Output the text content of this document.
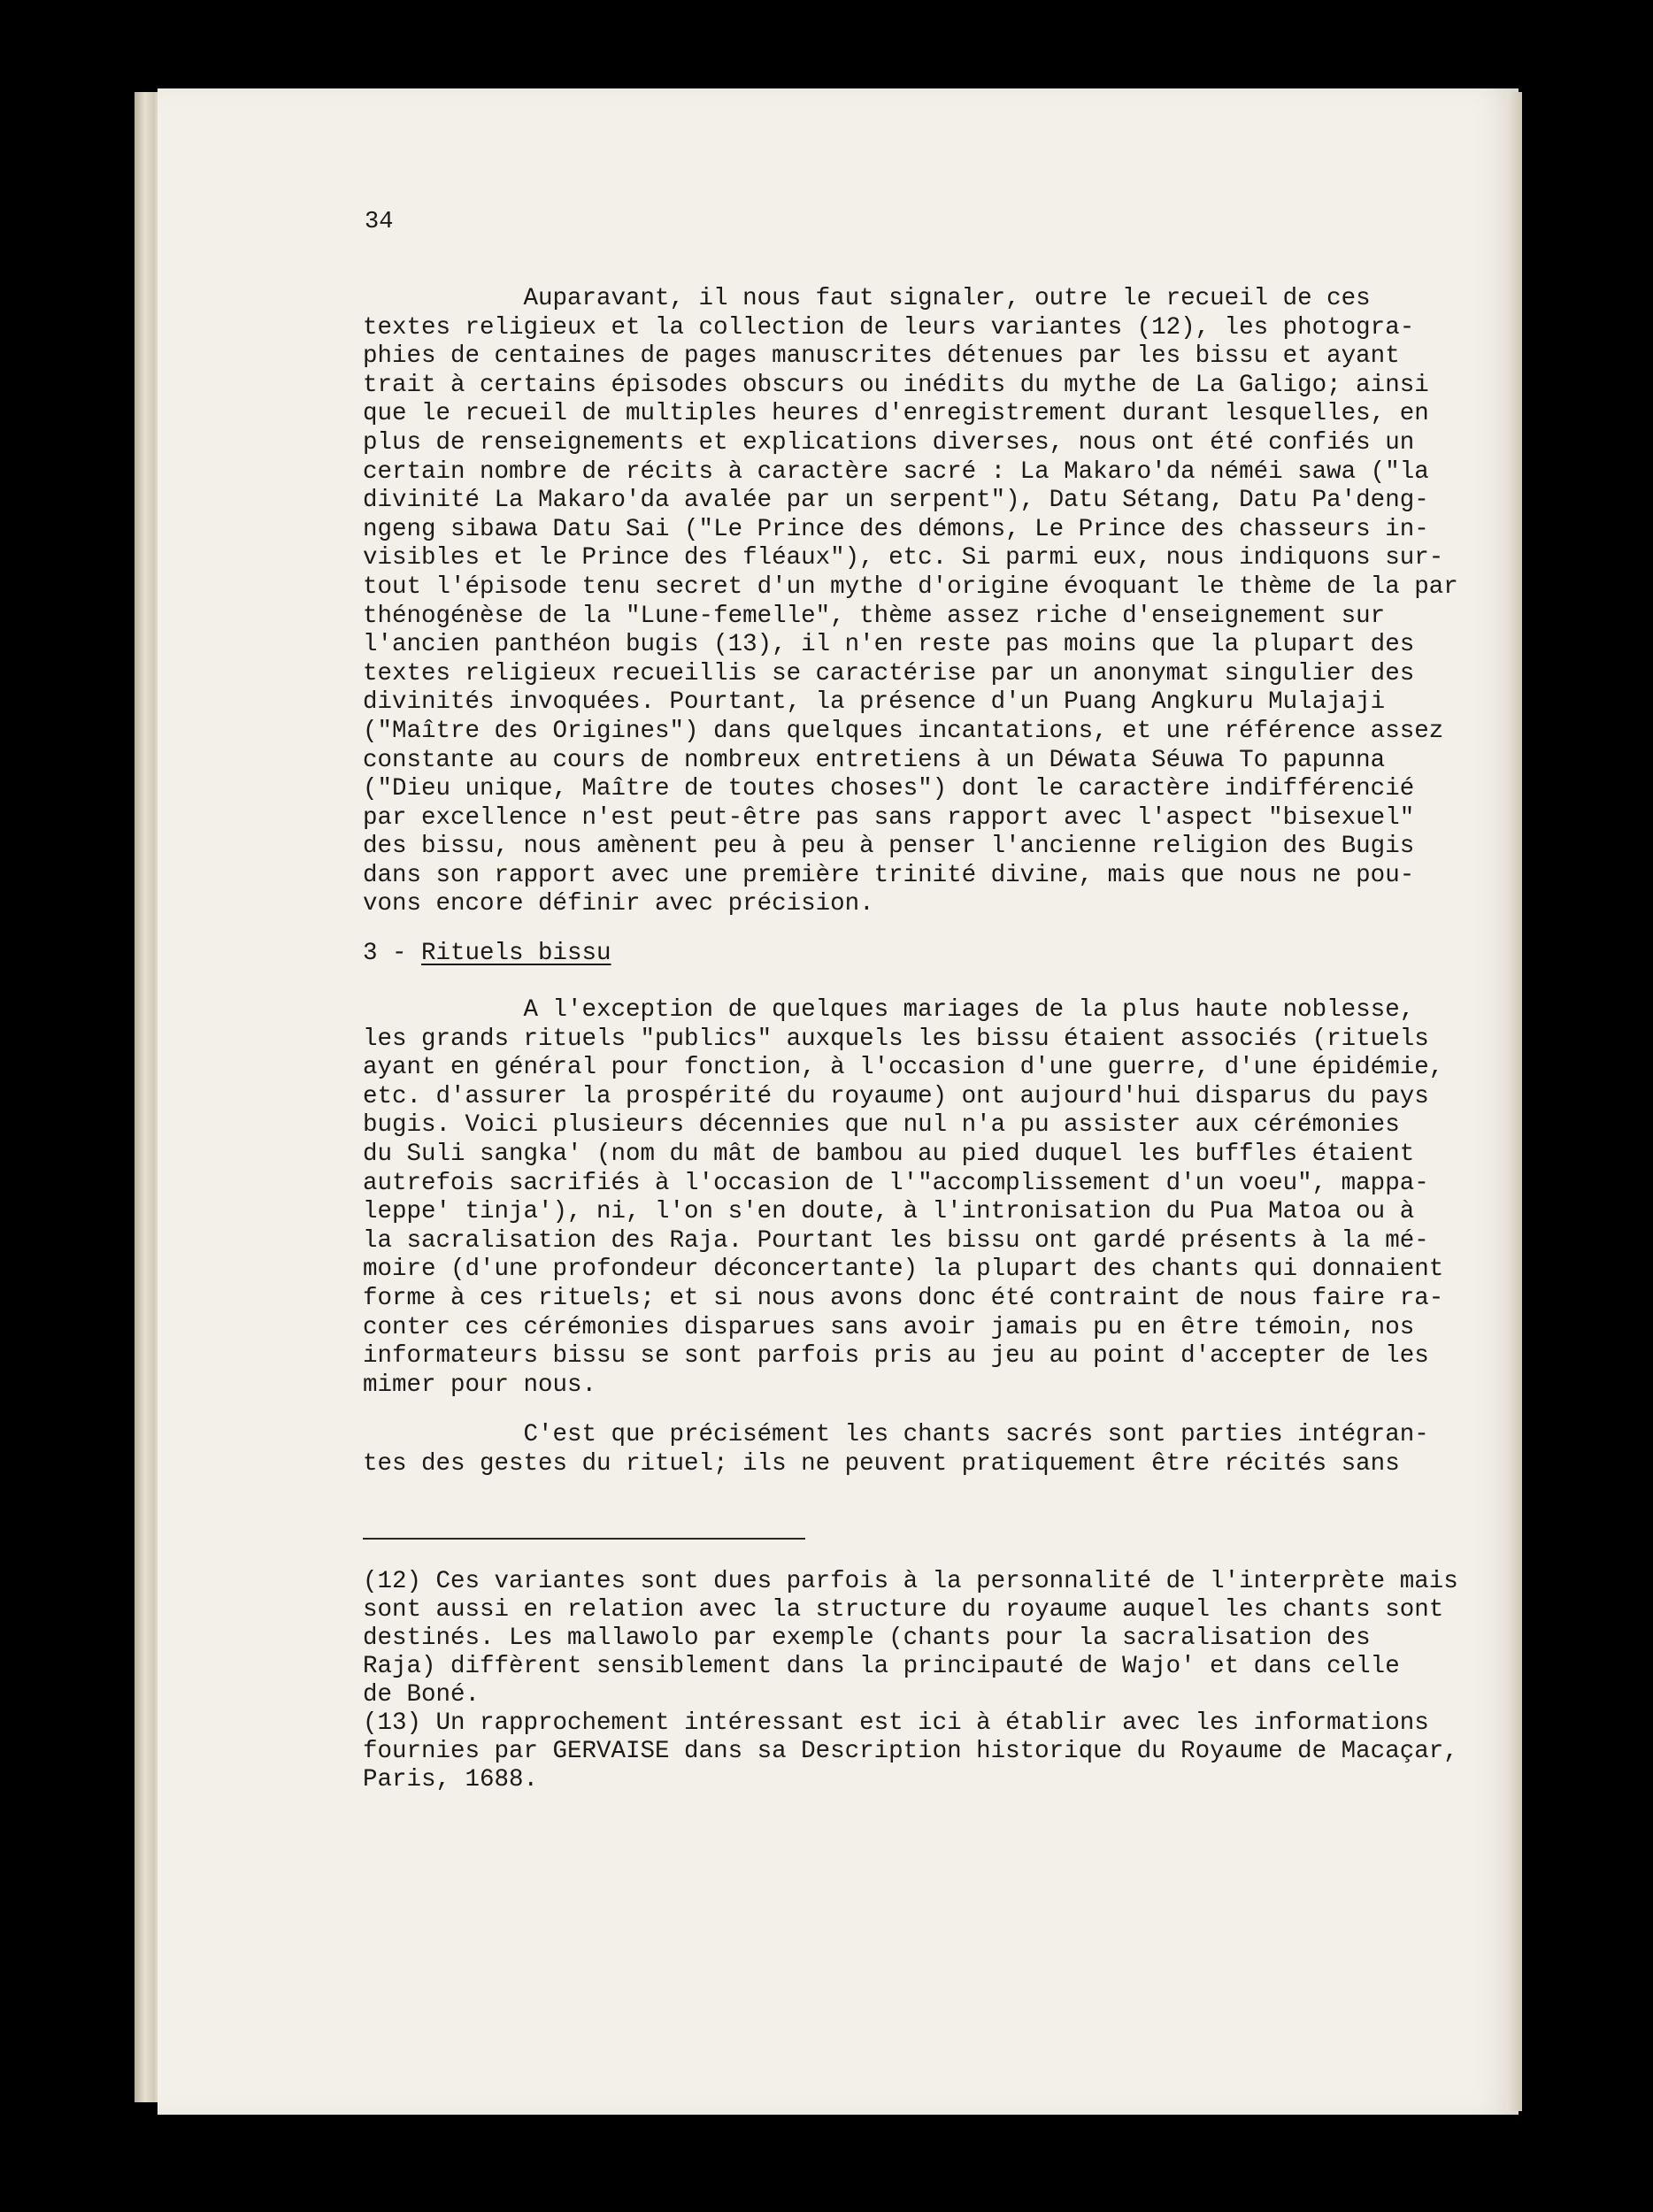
34
Auparavant, il nous faut signaler, outre le recueil de ces
textes religieux et la collection de leurs variantes (12), les photogra-
phies de centaines de pages manuscrites détenues par les bissu et ayant
trait à certains épisodes obscurs ou inédits du mythe de La Galigo; ainsi
que le recueil de multiples heures d'enregistrement durant lesquelles, en
plus de renseignements et explications diverses, nous ont été confiés un
certain nombre de récits à caractère sacré : La Makaro'da néméi sawa ("la
divinité La Makaro'da avalée par un serpent"), Datu Sétang, Datu Pa'deng-
ngeng sibawa Datu Sai ("Le Prince des démons, Le Prince des chasseurs in-
visibles et le Prince des fléaux"), etc. Si parmi eux, nous indiquons sur-
tout l'épisode tenu secret d'un mythe d'origine évoquant le thème de la par
thénogénèse de la "Lune-femelle", thème assez riche d'enseignement sur
l'ancien panthéon bugis (13), il n'en reste pas moins que la plupart des
textes religieux recueillis se caractérise par un anonymat singulier des
divinités invoquées. Pourtant, la présence d'un Puang Angkuru Mulajaji
("Maître des Origines") dans quelques incantations, et une référence assez
constante au cours de nombreux entretiens à un Déwata Séuwa To papunna
("Dieu unique, Maître de toutes choses") dont le caractère indifférencié
par excellence n'est peut-être pas sans rapport avec l'aspect "bisexuel"
des bissu, nous amènent peu à peu à penser l'ancienne religion des Bugis
dans son rapport avec une première trinité divine, mais que nous ne pou-
vons encore définir avec précision.
3 - Rituels bissu
A l'exception de quelques mariages de la plus haute noblesse,
les grands rituels "publics" auxquels les bissu étaient associés (rituels
ayant en général pour fonction, à l'occasion d'une guerre, d'une épidémie,
etc. d'assurer la prospérité du royaume) ont aujourd'hui disparus du pays
bugis. Voici plusieurs décennies que nul n'a pu assister aux cérémonies
du Suli sangka' (nom du mât de bambou au pied duquel les buffles étaient
autrefois sacrifiés à l'occasion de l'"accomplissement d'un voeu", mappa-
leppe' tinja'), ni, l'on s'en doute, à l'intronisation du Pua Matoa ou à
la sacralisation des Raja. Pourtant les bissu ont gardé présents à la mé-
moire (d'une profondeur déconcertante) la plupart des chants qui donnaient
forme à ces rituels; et si nous avons donc été contraint de nous faire ra-
conter ces cérémonies disparues sans avoir jamais pu en être témoin, nos
informateurs bissu se sont parfois pris au jeu au point d'accepter de les
mimer pour nous.
C'est que précisément les chants sacrés sont parties intégran-
tes des gestes du rituel; ils ne peuvent pratiquement être récités sans
(12) Ces variantes sont dues parfois à la personnalité de l'interprète mais
sont aussi en relation avec la structure du royaume auquel les chants sont
destinés. Les mallawolo par exemple (chants pour la sacralisation des
Raja) diffèrent sensiblement dans la principauté de Wajo' et dans celle
de Boné.
(13) Un rapprochement intéressant est ici à établir avec les informations
fournies par GERVAISE dans sa Description historique du Royaume de Macaçar,
Paris, 1688.
